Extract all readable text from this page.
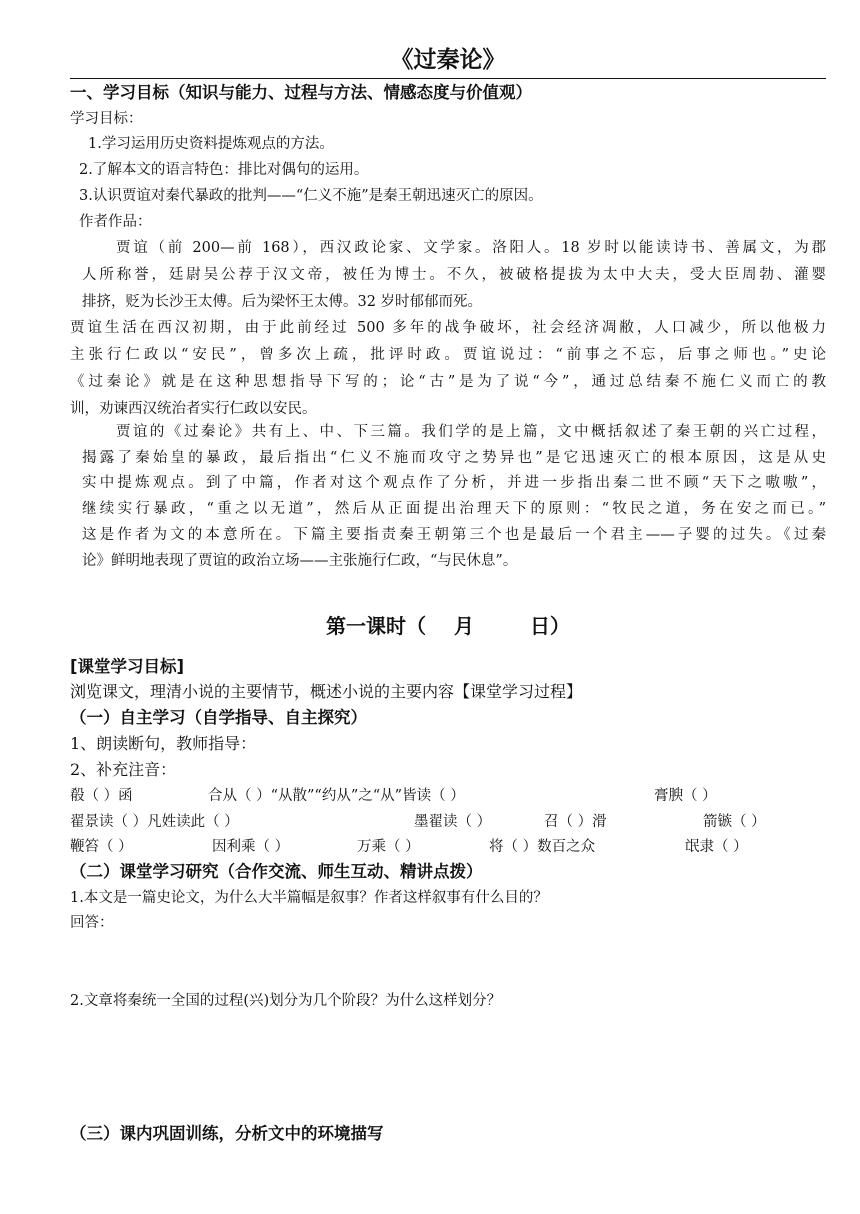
《过秦论》
一、学习目标（知识与能力、过程与方法、情感态度与价值观）
学习目标：
1.学习运用历史资料提炼观点的方法。
2.了解本文的语言特色：排比对偶句的运用。
3.认识贾谊对秦代暴政的批判——“仁义不施”是秦王朝迅速灭亡的原因。
作者作品：
贾谊（前 200—前 168），西汉政论家、文学家。洛阳人。18 岁时以能读诗书、善属文，为郡
人所称誉，廷尉吴公荐于汉文帝，被任为博士。不久，被破格提拔为太中大夫，受大臣周勃、灌婴
排挤，贬为长沙王太傅。后为梁怀王太傅。32 岁时郁郁而死。
贾谊生活在西汉初期，由于此前经过 500 多年的战争破坏，社会经济凋敝，人口减少，所以他极力
主张行仁政以“安民”，曾多次上疏，批评时政。贾谊说过：“前事之不忘，后事之师也。”史论
《过秦论》就是在这种思想指导下写的；论“古”是为了说“今”，通过总结秦不施仁义而亡的教
训，劝谏西汉统治者实行仁政以安民。
贾谊的《过秦论》共有上、中、下三篇。我们学的是上篇，文中概括叙述了秦王朝的兴亡过程，
揭露了秦始皇的暴政，最后指出“仁义不施而攻守之势异也”是它迅速灭亡的根本原因，这是从史
实中提炼观点。到了中篇，作者对这个观点作了分析，并进一步指出秦二世不顾“天下之嗷嗷”，
继续实行暴政，“重之以无道”，然后从正面提出治理天下的原则：“牧民之道，务在安之而已。”
这是作者为文的本意所在。下篇主要指责秦王朝第三个也是最后一个君主——子婴的过失。《过秦
论》鲜明地表现了贾谊的政治立场——主张施行仁政，“与民休息”。
第一课时（ 月	日）
[课堂学习目标]
浏览课文，理清小说的主要情节，概述小说的主要内容【课堂学习过程】
（一）自主学习（自学指导、自主探究）
1、朗读断句，教师指导：
2、补充注音：
殽（ ）函	合从（ ）“从散”“约从”之“从”皆读（ ）	膏腴（ ）
翟景读（ ）凡姓读此（ ）	墨翟读（ ）	召（ ）滑	箭镞（ ）
鞭笞（ ）	因利乘（ ）	万乘（ ）	将（ ）数百之众	氓隶（ ）
（二）课堂学习研究（合作交流、师生互动、精讲点拨）
1.本文是一篇史论文，为什么大半篇幅是叙事？作者这样叙事有什么目的？
回答：
2.文章将秦统一全国的过程(兴)划分为几个阶段？为什么这样划分？
（三）课内巩固训练，分析文中的环境描写
